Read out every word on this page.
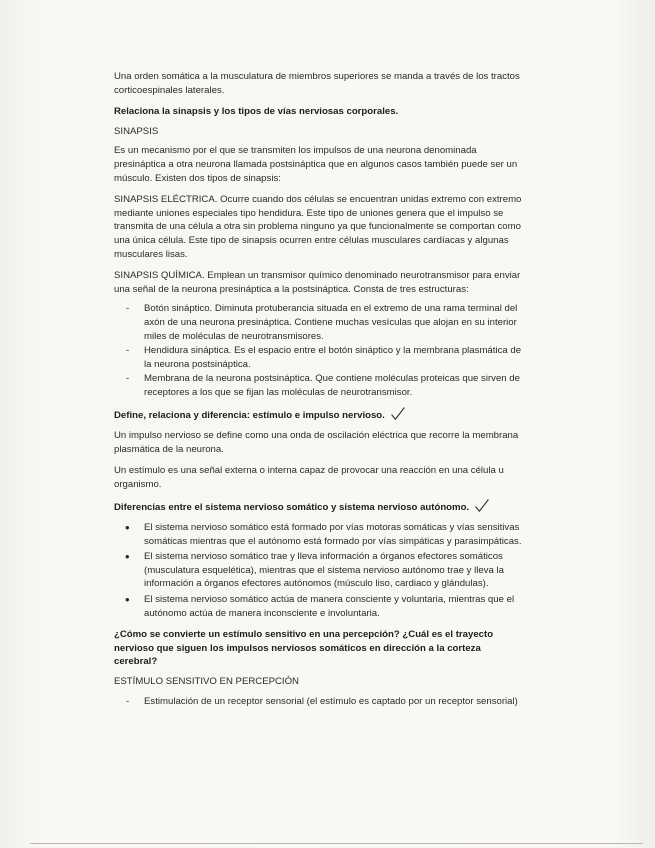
Una orden somática a la musculatura de miembros superiores se manda a través de los tractos corticoespinales laterales.

Relaciona la sinapsis y los tipos de vías nerviosas corporales.

SINAPSIS

Es un mecanismo por el que se transmiten los impulsos de una neurona denominada presináptica a otra neurona llamada postsináptica que en algunos casos también puede ser un músculo. Existen dos tipos de sinapsis:

SINAPSIS ELÉCTRICA. Ocurre cuando dos células se encuentran unidas extremo con extremo mediante uniones especiales tipo hendidura. Este tipo de uniones genera que el impulso se transmita de una célula a otra sin problema ninguno ya que funcionalmente se comportan como una única célula. Este tipo de sinapsis ocurren entre células musculares cardíacas y algunas musculares lisas.

SINAPSIS QUÍMICA. Emplean un transmisor químico denominado neurotransmisor para enviar una señal de la neurona presináptica a la postsináptica. Consta de tres estructuras:

- Botón sináptico. Diminuta protuberancia situada en el extremo de una rama terminal del axón de una neurona presináptica. Contiene muchas vesículas que alojan en su interior miles de moléculas de neurotransmisores.
- Hendidura sináptica. Es el espacio entre el botón sináptico y la membrana plasmática de la neurona postsináptica.
- Membrana de la neurona postsináptica. Que contiene moléculas proteicas que sirven de receptores a los que se fijan las moléculas de neurotransmisor.

Define, relaciona y diferencia: estímulo e impulso nervioso.

Un impulso nervioso se define como una onda de oscilación eléctrica que recorre la membrana plasmática de la neurona.

Un estímulo es una señal externa o interna capaz de provocar una reacción en una célula u organismo.

Diferencias entre el sistema nervioso somático y sistema nervioso autónomo.

• El sistema nervioso somático está formado por vías motoras somáticas y vías sensitivas somáticas mientras que el autónomo está formado por vías simpáticas y parasimpáticas.
• El sistema nervioso somático trae y lleva información a órganos efectores somáticos (musculatura esquelética), mientras que el sistema nervioso autónomo trae y lleva la información a órganos efectores autónomos (músculo liso, cardiaco y glándulas).
• El sistema nervioso somático actúa de manera consciente y voluntaria, mientras que el autónomo actúa de manera inconsciente e involuntaria.

¿Cómo se convierte un estímulo sensitivo en una percepción? ¿Cuál es el trayecto nervioso que siguen los impulsos nerviosos somáticos en dirección a la corteza cerebral?

ESTÍMULO SENSITIVO EN PERCEPCIÓN

- Estimulación de un receptor sensorial (el estímulo es captado por un receptor sensorial)
